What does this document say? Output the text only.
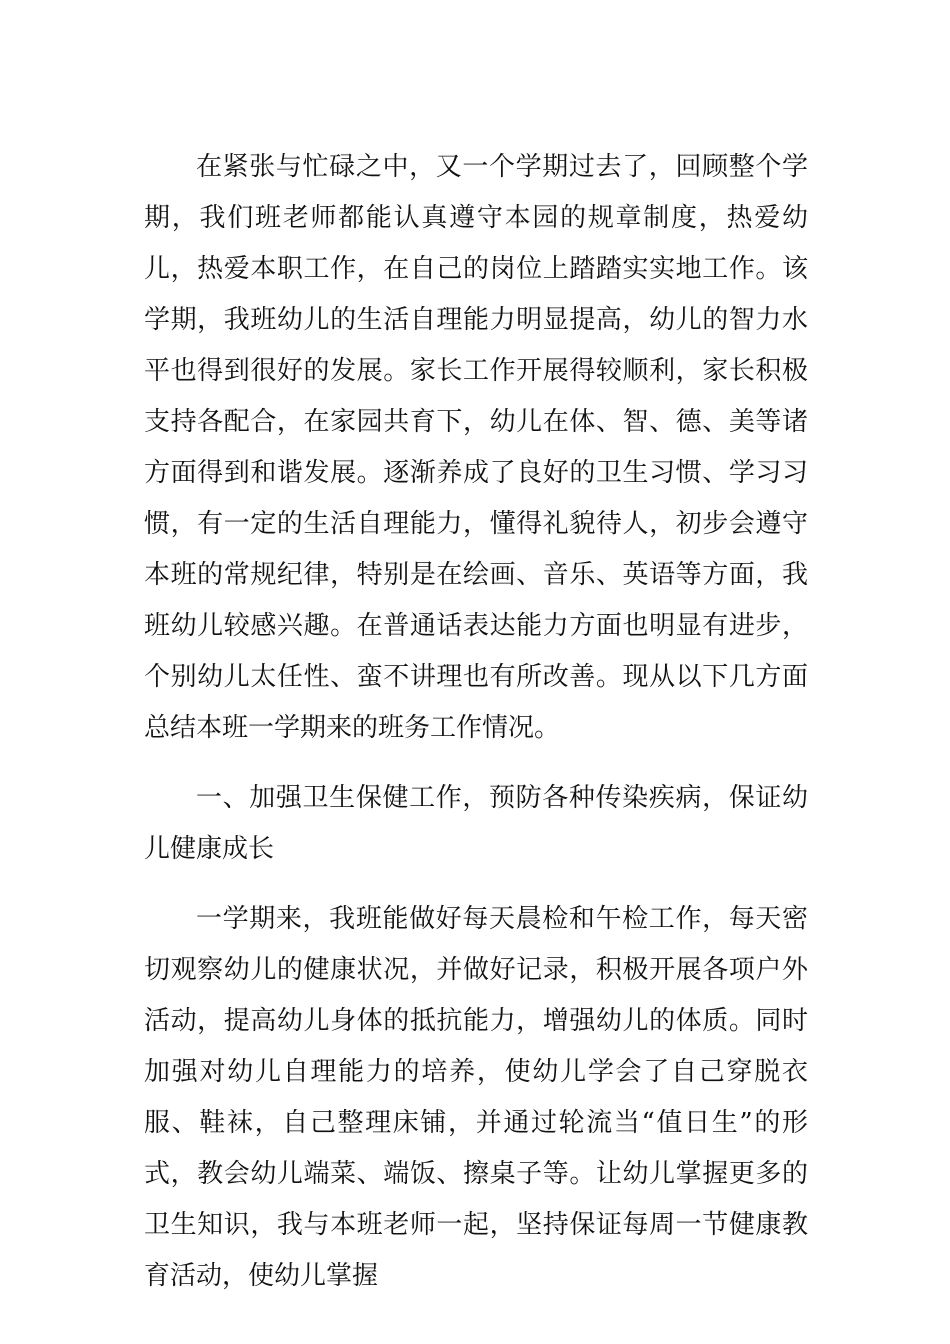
在紧张与忙碌之中，又一个学期过去了，回顾整个学期，我们班老师都能认真遵守本园的规章制度，热爱幼儿，热爱本职工作，在自己的岗位上踏踏实实地工作。该学期，我班幼儿的生活自理能力明显提高，幼儿的智力水平也得到很好的发展。家长工作开展得较顺利，家长积极支持各配合，在家园共育下，幼儿在体、智、德、美等诸方面得到和谐发展。逐渐养成了良好的卫生习惯、学习习惯，有一定的生活自理能力，懂得礼貌待人，初步会遵守本班的常规纪律，特别是在绘画、音乐、英语等方面，我班幼儿较感兴趣。在普通话表达能力方面也明显有进步，个别幼儿太任性、蛮不讲理也有所改善。现从以下几方面总结本班一学期来的班务工作情况。

一、加强卫生保健工作，预防各种传染疾病，保证幼儿健康成长

一学期来，我班能做好每天晨检和午检工作，每天密切观察幼儿的健康状况，并做好记录，积极开展各项户外活动，提高幼儿身体的抵抗能力，增强幼儿的体质。同时加强对幼儿自理能力的培养，使幼儿学会了自己穿脱衣服、鞋袜，自己整理床铺，并通过轮流当“值日生”的形式，教会幼儿端菜、端饭、擦桌子等。让幼儿掌握更多的卫生知识，我与本班老师一起，坚持保证每周一节健康教育活动，使幼儿掌握
